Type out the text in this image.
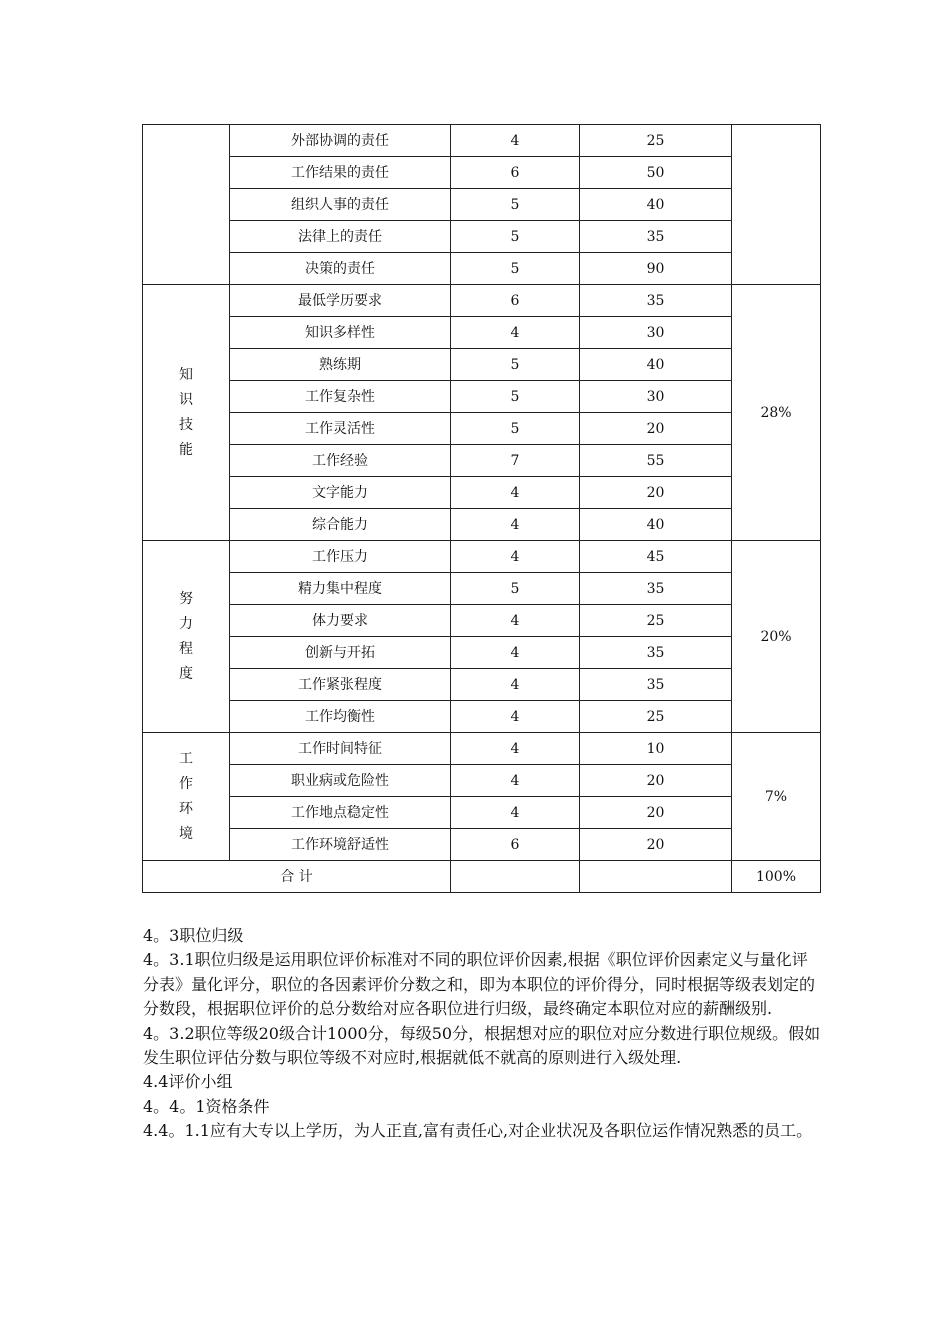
	外部协调的责任	4	25	
	工作结果的责任	6	50	
	组织人事的责任	5	40	
	法律上的责任	5	35	
	决策的责任	5	90	

知
识
技
能	最低学历要求	6	35	28%
	知识多样性	4	30	
	熟练期	5	40	
	工作复杂性	5	30	
	工作灵活性	5	20	
	工作经验	7	55	
	文字能力	4	20	
	综合能力	4	40	

努
力
程
度	工作压力	4	45	20%
	精力集中程度	5	35	
	体力要求	4	25	
	创新与开拓	4	35	
	工作紧张程度	4	35	
	工作均衡性	4	25	

工
作
环
境	工作时间特征	4	10	7%
	职业病或危险性	4	20	
	工作地点稳定性	4	20	
	工作环境舒适性	6	20	
合 计				100%

4。3职位归级

4。3.1职位归级是运用职位评价标准对不同的职位评价因素,根据《职位评价因素定义与量化评分表》量化评分，职位的各因素评价分数之和，即为本职位的评价得分，同时根据等级表划定的分数段，根据职位评价的总分数给对应各职位进行归级，最终确定本职位对应的薪酬级别.

4。3.2职位等级20级合计1000分，每级50分，根据想对应的职位对应分数进行职位规级。假如发生职位评估分数与职位等级不对应时,根据就低不就高的原则进行入级处理.

4.4评价小组

4。4。1资格条件

4.4。1.1应有大专以上学历，为人正直,富有责任心,对企业状况及各职位运作情况熟悉的员工。
